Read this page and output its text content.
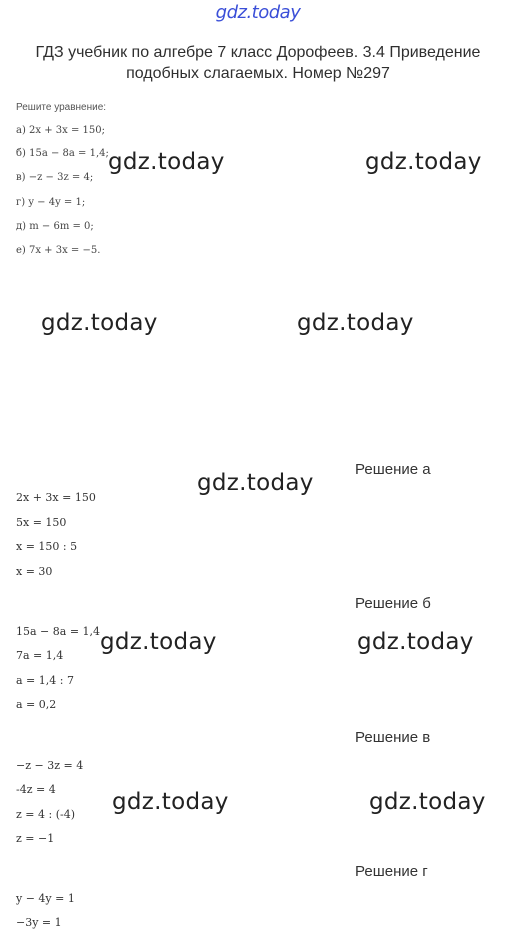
gdz.today
ГДЗ учебник по алгебре 7 класс Дорофеев. 3.4 Приведение подобных слагаемых. Номер №297
Решите уравнение:
а) 2x + 3x = 150;
б) 15a − 8a = 1,4;
в) −z − 3z = 4;
г) y − 4y = 1;
д) m − 6m = 0;
е) 7x + 3x = −5.
gdz.today	gdz.today
gdz.today	gdz.today
gdz.today
gdz.today	gdz.today
gdz.today	gdz.today
Решение а
2x + 3x = 150
5x = 150
x = 150 : 5
x = 30
Решение б
15a − 8a = 1,4
7a = 1,4
a = 1,4 : 7
a = 0,2
Решение в
−z − 3z = 4
-4z = 4
z = 4 : (-4)
z = −1
Решение г
y − 4y = 1
−3y = 1
